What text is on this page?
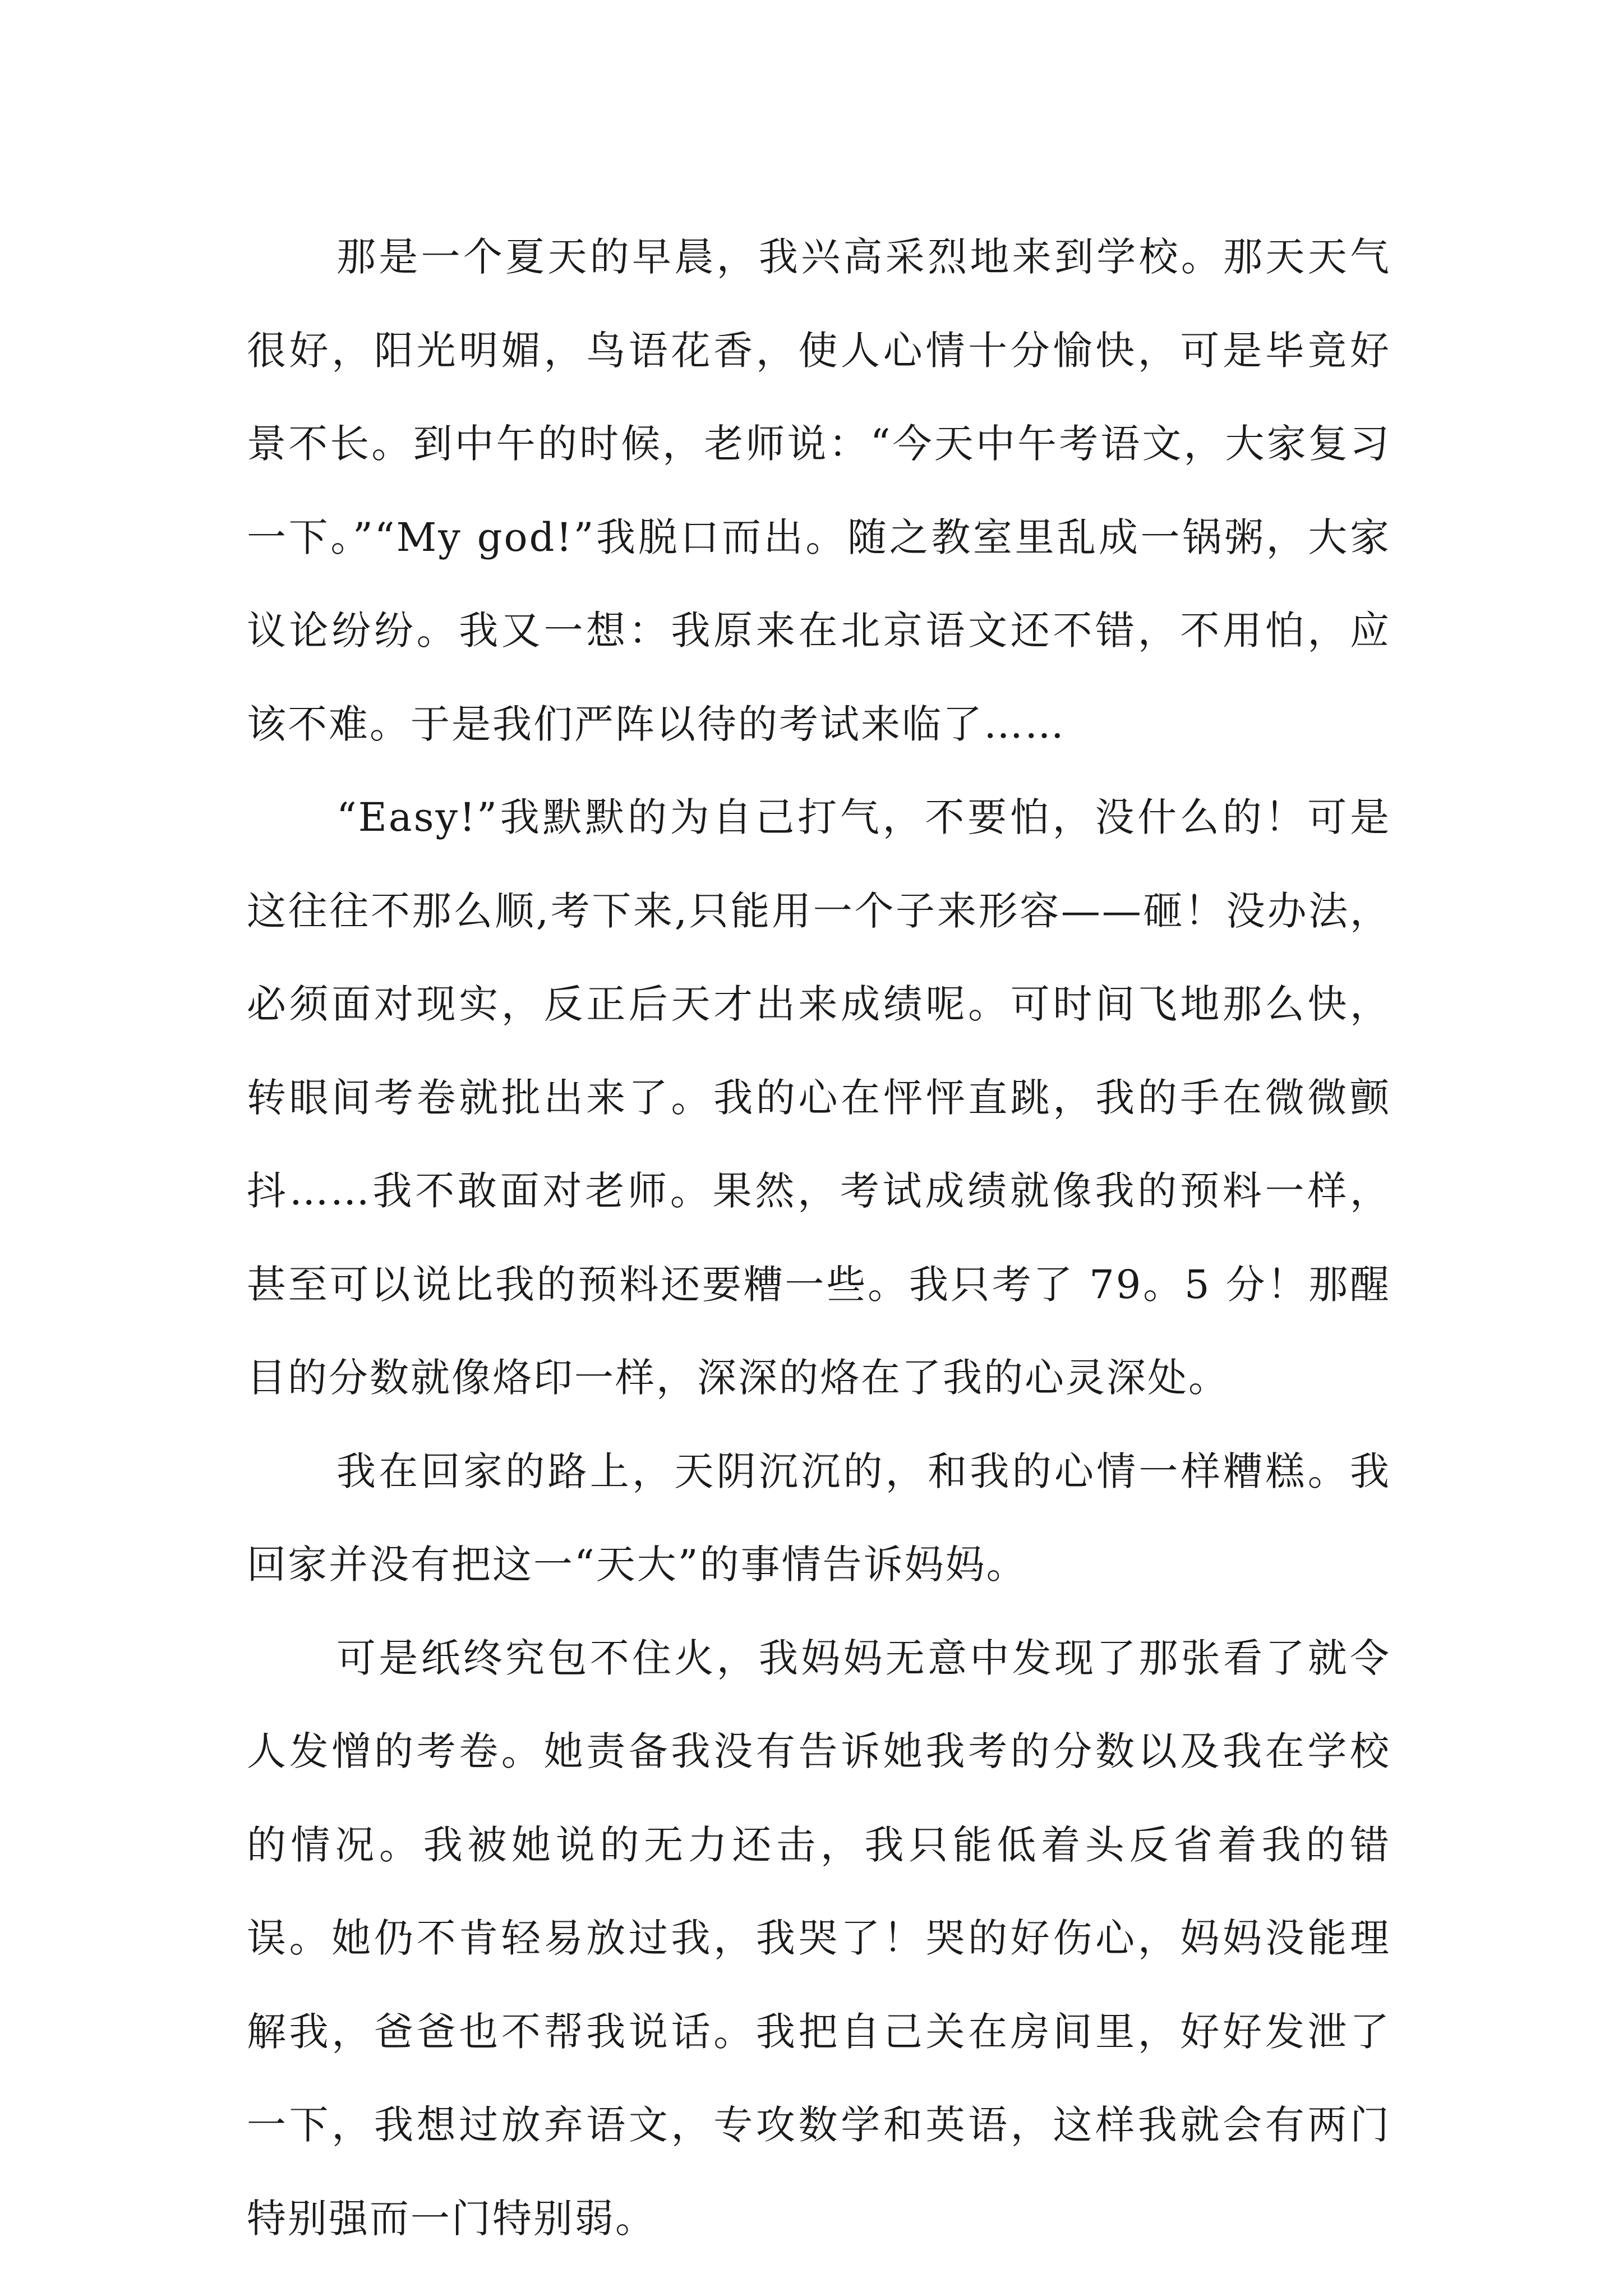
那是一个夏天的早晨，我兴高采烈地来到学校。那天天气很好，阳光明媚，鸟语花香，使人心情十分愉快，可是毕竟好景不长。到中午的时候，老师说：“今天中午考语文，大家复习一下。”“My god!”我脱口而出。随之教室里乱成一锅粥，大家议论纷纷。我又一想：我原来在北京语文还不错，不用怕，应该不难。于是我们严阵以待的考试来临了……

“Easy!”我默默的为自己打气，不要怕，没什么的！可是这往往不那么顺,考下来,只能用一个子来形容——砸！没办法，必须面对现实，反正后天才出来成绩呢。可时间飞地那么快，转眼间考卷就批出来了。我的心在怦怦直跳，我的手在微微颤抖……我不敢面对老师。果然，考试成绩就像我的预料一样，甚至可以说比我的预料还要糟一些。我只考了 79。5 分！那醒目的分数就像烙印一样，深深的烙在了我的心灵深处。

我在回家的路上，天阴沉沉的，和我的心情一样糟糕。我回家并没有把这一“天大”的事情告诉妈妈。

可是纸终究包不住火，我妈妈无意中发现了那张看了就令人发憎的考卷。她责备我没有告诉她我考的分数以及我在学校的情况。我被她说的无力还击，我只能低着头反省着我的错误。她仍不肯轻易放过我，我哭了！哭的好伤心，妈妈没能理解我，爸爸也不帮我说话。我把自己关在房间里，好好发泄了一下，我想过放弃语文，专攻数学和英语，这样我就会有两门特别强而一门特别弱。
